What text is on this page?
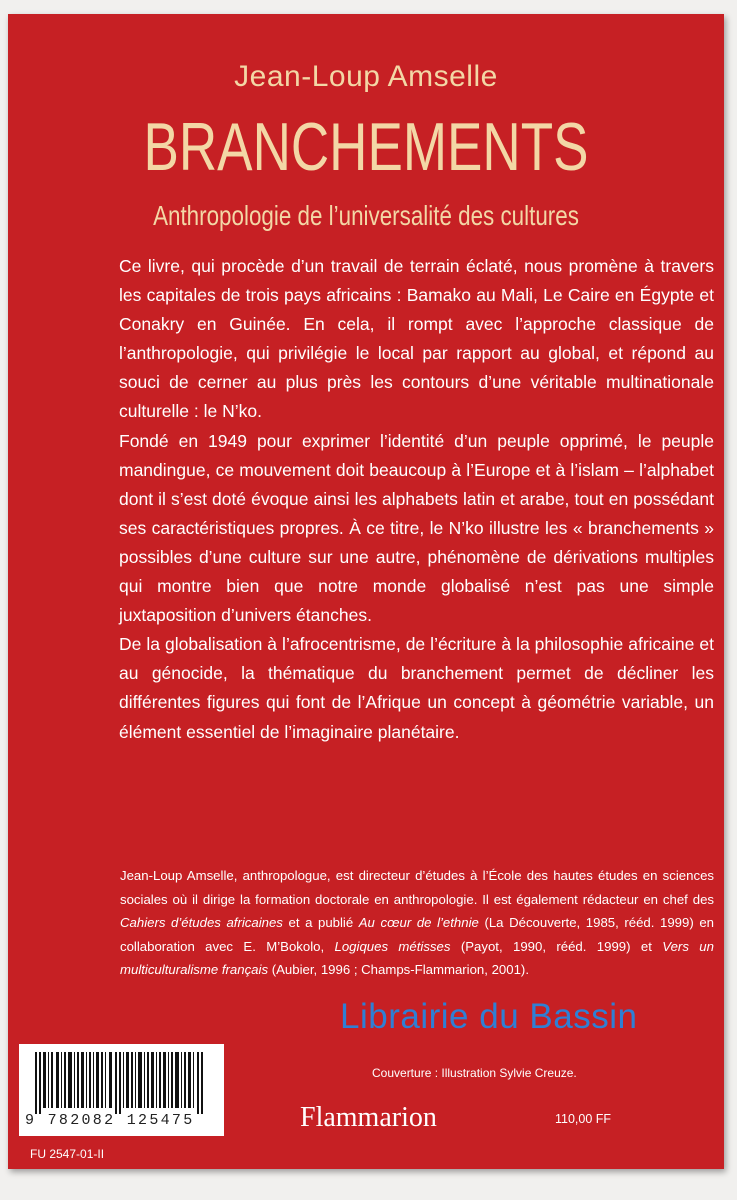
Jean-Loup Amselle
BRANCHEMENTS
Anthropologie de l’universalité des cultures

Ce livre, qui procède d’un travail de terrain éclaté, nous promène à travers les capitales de trois pays africains : Bamako au Mali, Le Caire en Égypte et Conakry en Guinée. En cela, il rompt avec l’approche classique de l’anthropologie, qui privilégie le local par rapport au global, et répond au souci de cerner au plus près les contours d’une véritable multinationale culturelle : le N’ko.

Fondé en 1949 pour exprimer l’identité d’un peuple opprimé, le peuple mandingue, ce mouvement doit beaucoup à l’Europe et à l’islam – l’alphabet dont il s’est doté évoque ainsi les alphabets latin et arabe, tout en possédant ses caractéristiques propres. À ce titre, le N’ko illustre les « branchements » possibles d’une culture sur une autre, phénomène de dérivations multiples qui montre bien que notre monde globalisé n’est pas une simple juxtaposition d’univers étanches.

De la globalisation à l’afrocentrisme, de l’écriture à la philosophie africaine et au génocide, la thématique du branchement permet de décliner les différentes figures qui font de l’Afrique un concept à géométrie variable, un élément essentiel de l’imaginaire planétaire.

Jean-Loup Amselle, anthropologue, est directeur d’études à l’École des hautes études en sciences sociales où il dirige la formation doctorale en anthropologie. Il est également rédacteur en chef des Cahiers d’études africaines et a publié Au cœur de l’ethnie (La Découverte, 1985, rééd. 1999) en collaboration avec E. M’Bokolo, Logiques métisses (Payot, 1990, rééd. 1999) et Vers un multiculturalisme français (Aubier, 1996 ; Champs-Flammarion, 2001).
Couverture : Illustration Sylvie Creuze.
9 782082 125475	Flammarion	110,00 FF
FU 2547-01-II
Librairie du Bassin
